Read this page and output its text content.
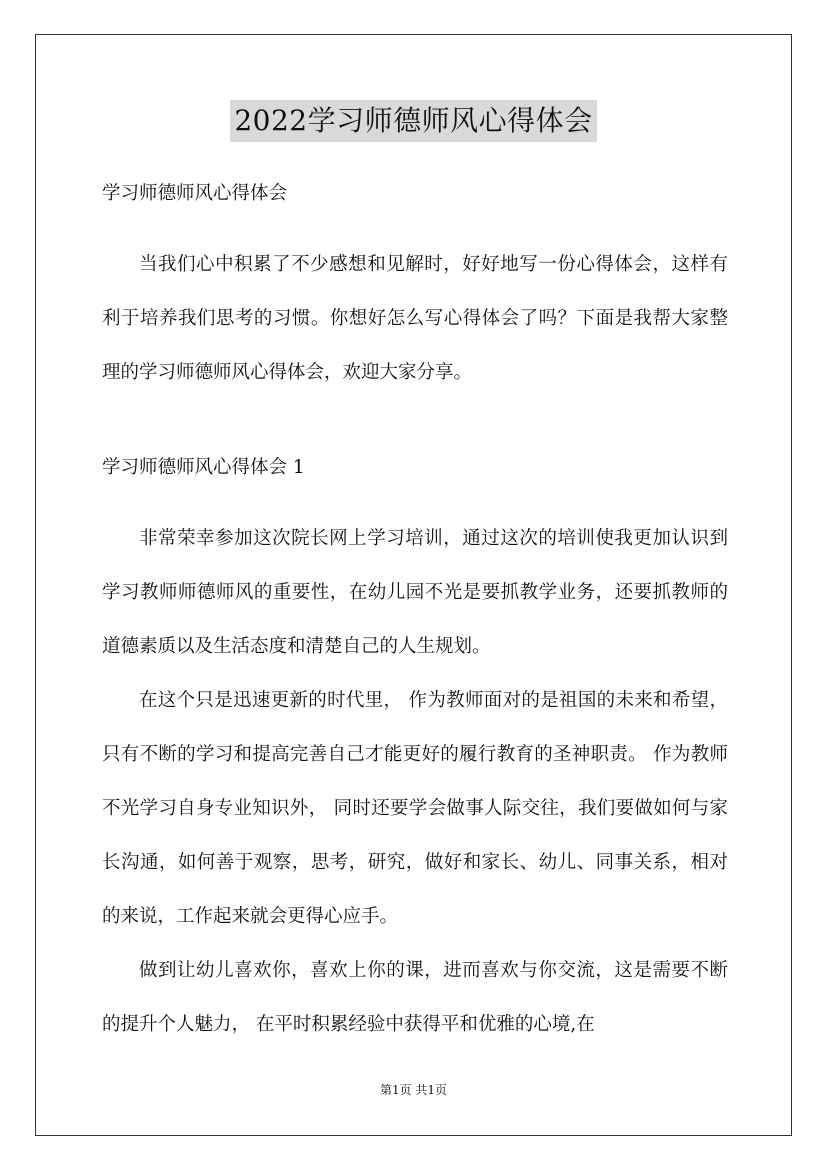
2022学习师德师风心得体会
学习师德师风心得体会

当我们心中积累了不少感想和见解时，好好地写一份心得体会，这样有利于培养我们思考的习惯。你想好怎么写心得体会了吗？下面是我帮大家整理的学习师德师风心得体会，欢迎大家分享。

学习师德师风心得体会 1

非常荣幸参加这次院长网上学习培训，通过这次的培训使我更加认识到学习教师师德师风的重要性，在幼儿园不光是要抓教学业务，还要抓教师的道德素质以及生活态度和清楚自己的人生规划。

在这个只是迅速更新的时代里， 作为教师面对的是祖国的未来和希望，只有不断的学习和提高完善自己才能更好的履行教育的圣神职责。 作为教师不光学习自身专业知识外， 同时还要学会做事人际交往，我们要做如何与家长沟通，如何善于观察，思考，研究，做好和家长、幼儿、同事关系，相对的来说，工作起来就会更得心应手。

做到让幼儿喜欢你，喜欢上你的课，进而喜欢与你交流，这是需要不断的提升个人魅力， 在平时积累经验中获得平和优雅的心境,在

第1页 共1页
